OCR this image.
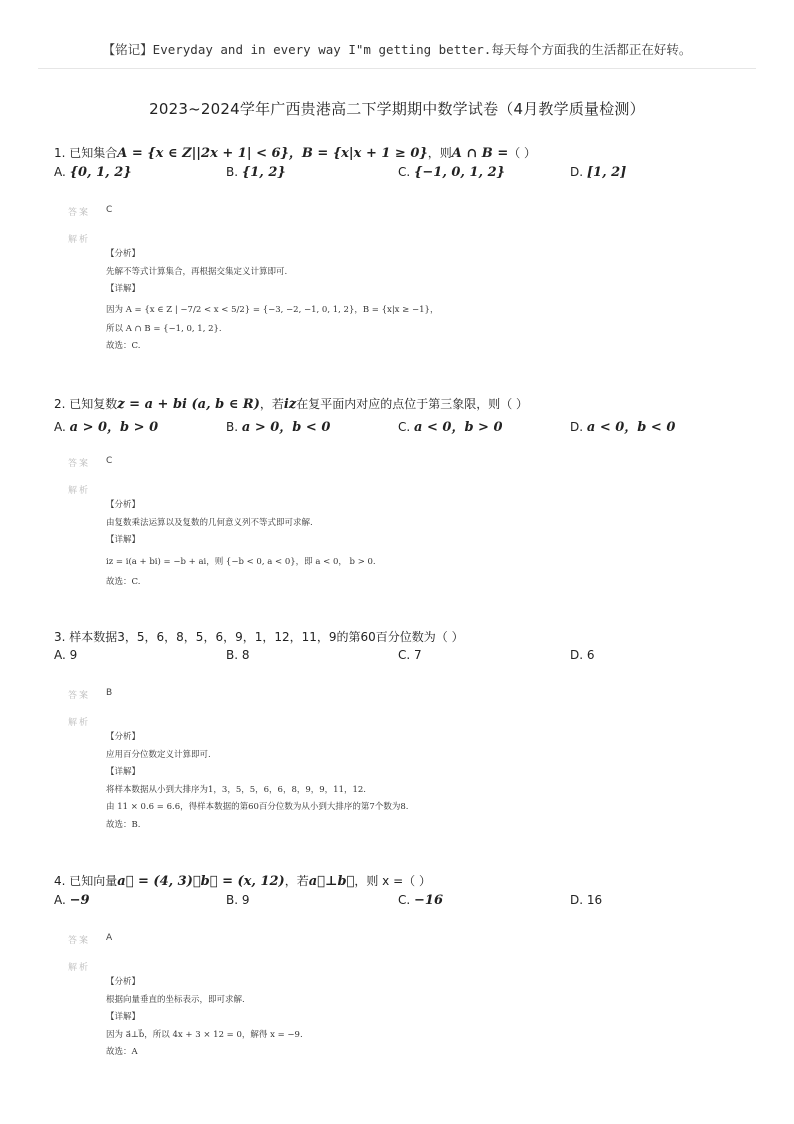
【铭记】Everyday and in every way I"m getting better.每天每个方面我的生活都正在好转。
2023~2024学年广西贵港高二下学期期中数学试卷（4月教学质量检测）
1. 已知集合A = {x ∈ Z||2x + 1| < 6}，B = {x|x + 1 ≥ 0}，则A ∩ B =（ ）
A. {0, 1, 2}	B. {1, 2}	C. {−1, 0, 1, 2}	D. [1, 2]
答案 C
解析
【分析】
先解不等式计算集合，再根据交集定义计算即可.
【详解】
因为 A = {x ∈ Z | −7/2 < x < 5/2} = {−3, −2, −1, 0, 1, 2}，B = {x|x ≥ −1}，
所以 A ∩ B = {−1, 0, 1, 2}.
故选：C.
2. 已知复数z = a + bi (a, b ∈ R)，若iz在复平面内对应的点位于第三象限，则（ ）
A. a > 0，b > 0	B. a > 0，b < 0	C. a < 0，b > 0	D. a < 0，b < 0
答案 C
解析
【分析】
由复数乘法运算以及复数的几何意义列不等式即可求解.
【详解】
iz = i(a + bi) = −b + ai，则 {−b < 0, a < 0}，即 a < 0， b > 0.
故选：C.
3. 样本数据3，5，6，8，5，6，9，1，12，11，9的第60百分位数为（ ）
A. 9	B. 8	C. 7	D. 6
答案 B
解析
【分析】
应用百分位数定义计算即可.
【详解】
将样本数据从小到大排序为1，3，5，5，6，6，8，9，9，11，12.
由 11 × 0.6 = 6.6，得样本数据的第60百分位数为从小到大排序的第7个数为8.
故选：B.
4. 已知向量a⃗ = (4, 3)，b⃗ = (x, 12)，若a⃗⊥b⃗，则 x =（ ）
A. −9	B. 9	C. −16	D. 16
答案 A
解析
【分析】
根据向量垂直的坐标表示，即可求解.
【详解】
因为 a⃗⊥b⃗，所以 4x + 3 × 12 = 0，解得 x = −9.
故选：A
